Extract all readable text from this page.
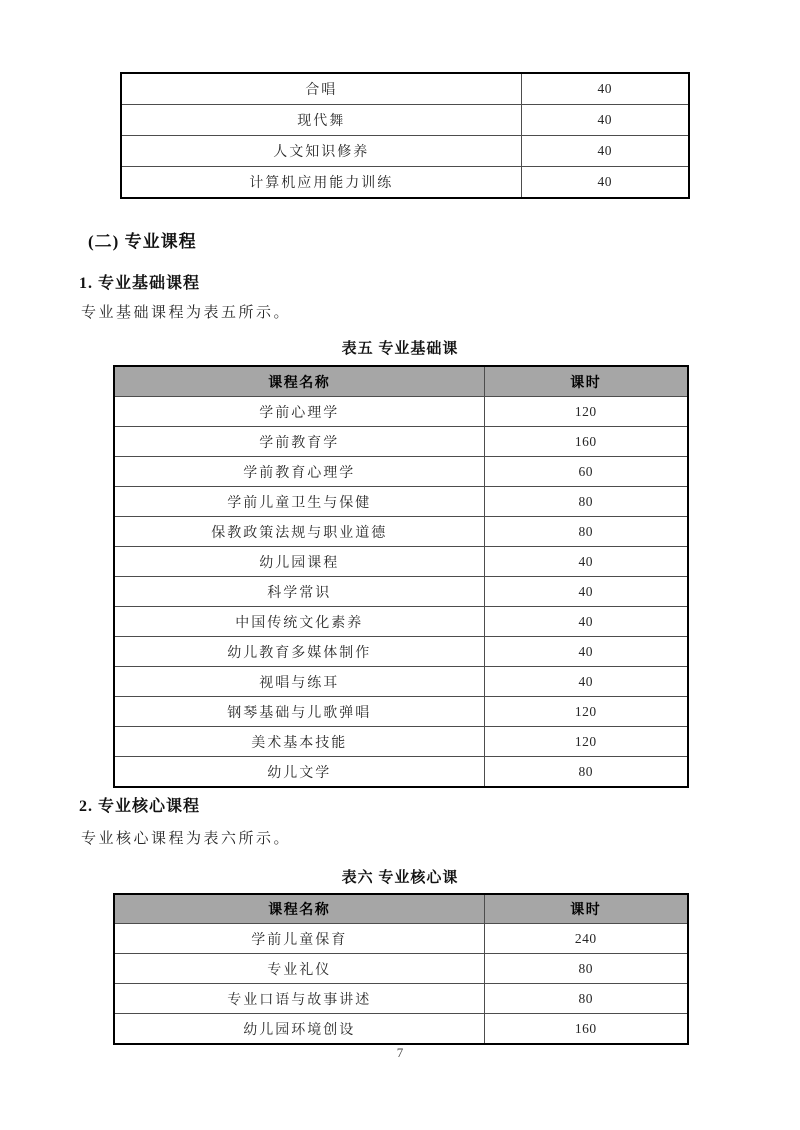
合唱	40
现代舞	40
人文知识修养	40
计算机应用能力训练	40
(二) 专业课程
1. 专业基础课程
专业基础课程为表五所示。
表五 专业基础课
课程名称	课时
学前心理学	120
学前教育学	160
学前教育心理学	60
学前儿童卫生与保健	80
保教政策法规与职业道德	80
幼儿园课程	40
科学常识	40
中国传统文化素养	40
幼儿教育多媒体制作	40
视唱与练耳	40
钢琴基础与儿歌弹唱	120
美术基本技能	120
幼儿文学	80
2. 专业核心课程
专业核心课程为表六所示。
表六 专业核心课
课程名称	课时
学前儿童保育	240
专业礼仪	80
专业口语与故事讲述	80
幼儿园环境创设	160
7
